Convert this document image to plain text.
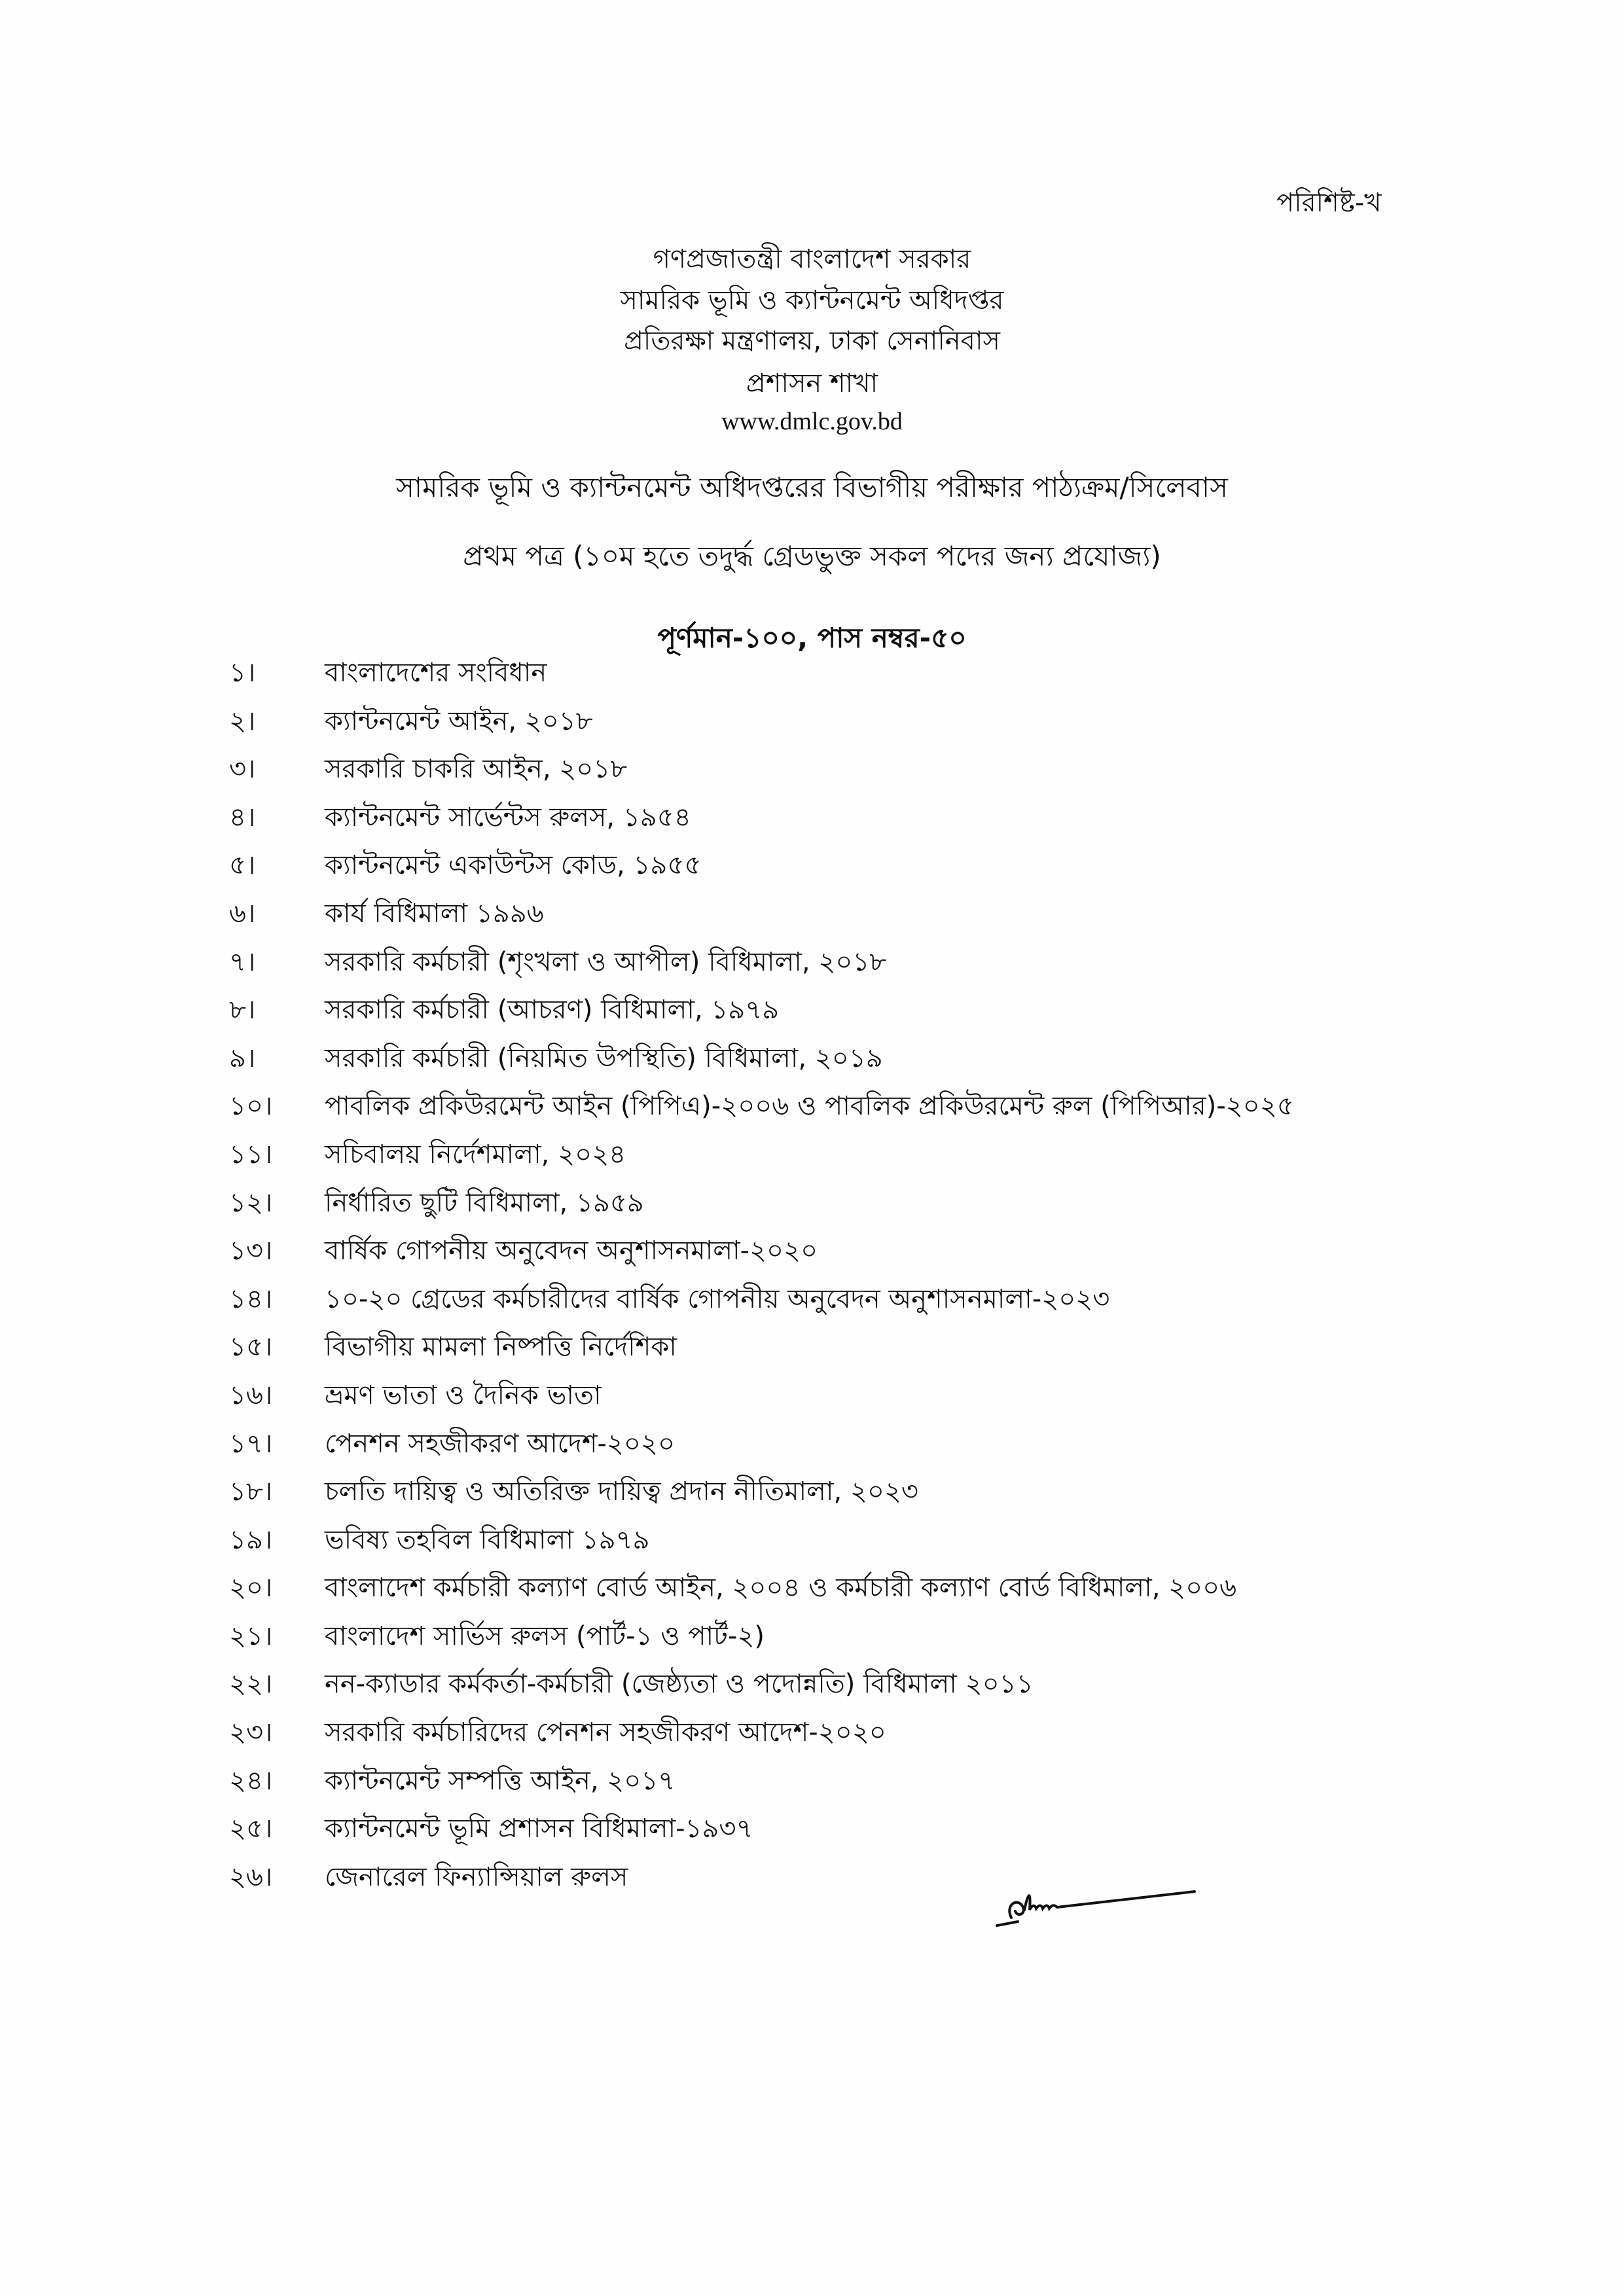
পরিশিষ্ট-খ
গণপ্রজাতন্ত্রী বাংলাদেশ সরকার
সামরিক ভূমি ও ক্যান্টনমেন্ট অধিদপ্তর
প্রতিরক্ষা মন্ত্রণালয়, ঢাকা সেনানিবাস
প্রশাসন শাখা
www.dmlc.gov.bd
সামরিক ভূমি ও ক্যান্টনমেন্ট অধিদপ্তরের বিভাগীয় পরীক্ষার পাঠ্যক্রম/সিলেবাস
প্রথম পত্র (১০ম হতে তদুর্দ্ধ গ্রেডভুক্ত সকল পদের জন্য প্রযোজ্য)
পূর্ণমান-১০০, পাস নম্বর-৫০
১।	বাংলাদেশের সংবিধান
২।	ক্যান্টনমেন্ট আইন, ২০১৮
৩।	সরকারি চাকরি আইন, ২০১৮
৪।	ক্যান্টনমেন্ট সার্ভেন্টস রুলস, ১৯৫৪
৫।	ক্যান্টনমেন্ট একাউন্টস কোড, ১৯৫৫
৬।	কার্য বিধিমালা ১৯৯৬
৭।	সরকারি কর্মচারী (শৃংখলা ও আপীল) বিধিমালা, ২০১৮
৮।	সরকারি কর্মচারী (আচরণ) বিধিমালা, ১৯৭৯
৯।	সরকারি কর্মচারী (নিয়মিত উপস্থিতি) বিধিমালা, ২০১৯
১০। পাবলিক প্রকিউরমেন্ট আইন (পিপিএ)-২০০৬ ও পাবলিক প্রকিউরমেন্ট রুল (পিপিআর)-২০২৫
১১। সচিবালয় নির্দেশমালা, ২০২৪
১২। নির্ধারিত ছুটি বিধিমালা, ১৯৫৯
১৩। বার্ষিক গোপনীয় অনুবেদন অনুশাসনমালা-২০২০
১৪। ১০-২০ গ্রেডের কর্মচারীদের বার্ষিক গোপনীয় অনুবেদন অনুশাসনমালা-২০২৩
১৫। বিভাগীয় মামলা নিষ্পত্তি নির্দেশিকা
১৬। ভ্রমণ ভাতা ও দৈনিক ভাতা
১৭। পেনশন সহজীকরণ আদেশ-২০২০
১৮। চলতি দায়িত্ব ও অতিরিক্ত দায়িত্ব প্রদান নীতিমালা, ২০২৩
১৯। ভবিষ্য তহবিল বিধিমালা ১৯৭৯
২০। বাংলাদেশ কর্মচারী কল্যাণ বোর্ড আইন, ২০০৪ ও কর্মচারী কল্যাণ বোর্ড বিধিমালা, ২০০৬
২১। বাংলাদেশ সার্ভিস রুলস (পার্ট-১ ও পার্ট-২)
২২। নন-ক্যাডার কর্মকর্তা-কর্মচারী (জেষ্ঠ্যতা ও পদোন্নতি) বিধিমালা ২০১১
২৩। সরকারি কর্মচারিদের পেনশন সহজীকরণ আদেশ-২০২০
২৪। ক্যান্টনমেন্ট সম্পত্তি আইন, ২০১৭
২৫। ক্যান্টনমেন্ট ভূমি প্রশাসন বিধিমালা-১৯৩৭
২৬। জেনারেল ফিন্যান্সিয়াল রুলস
